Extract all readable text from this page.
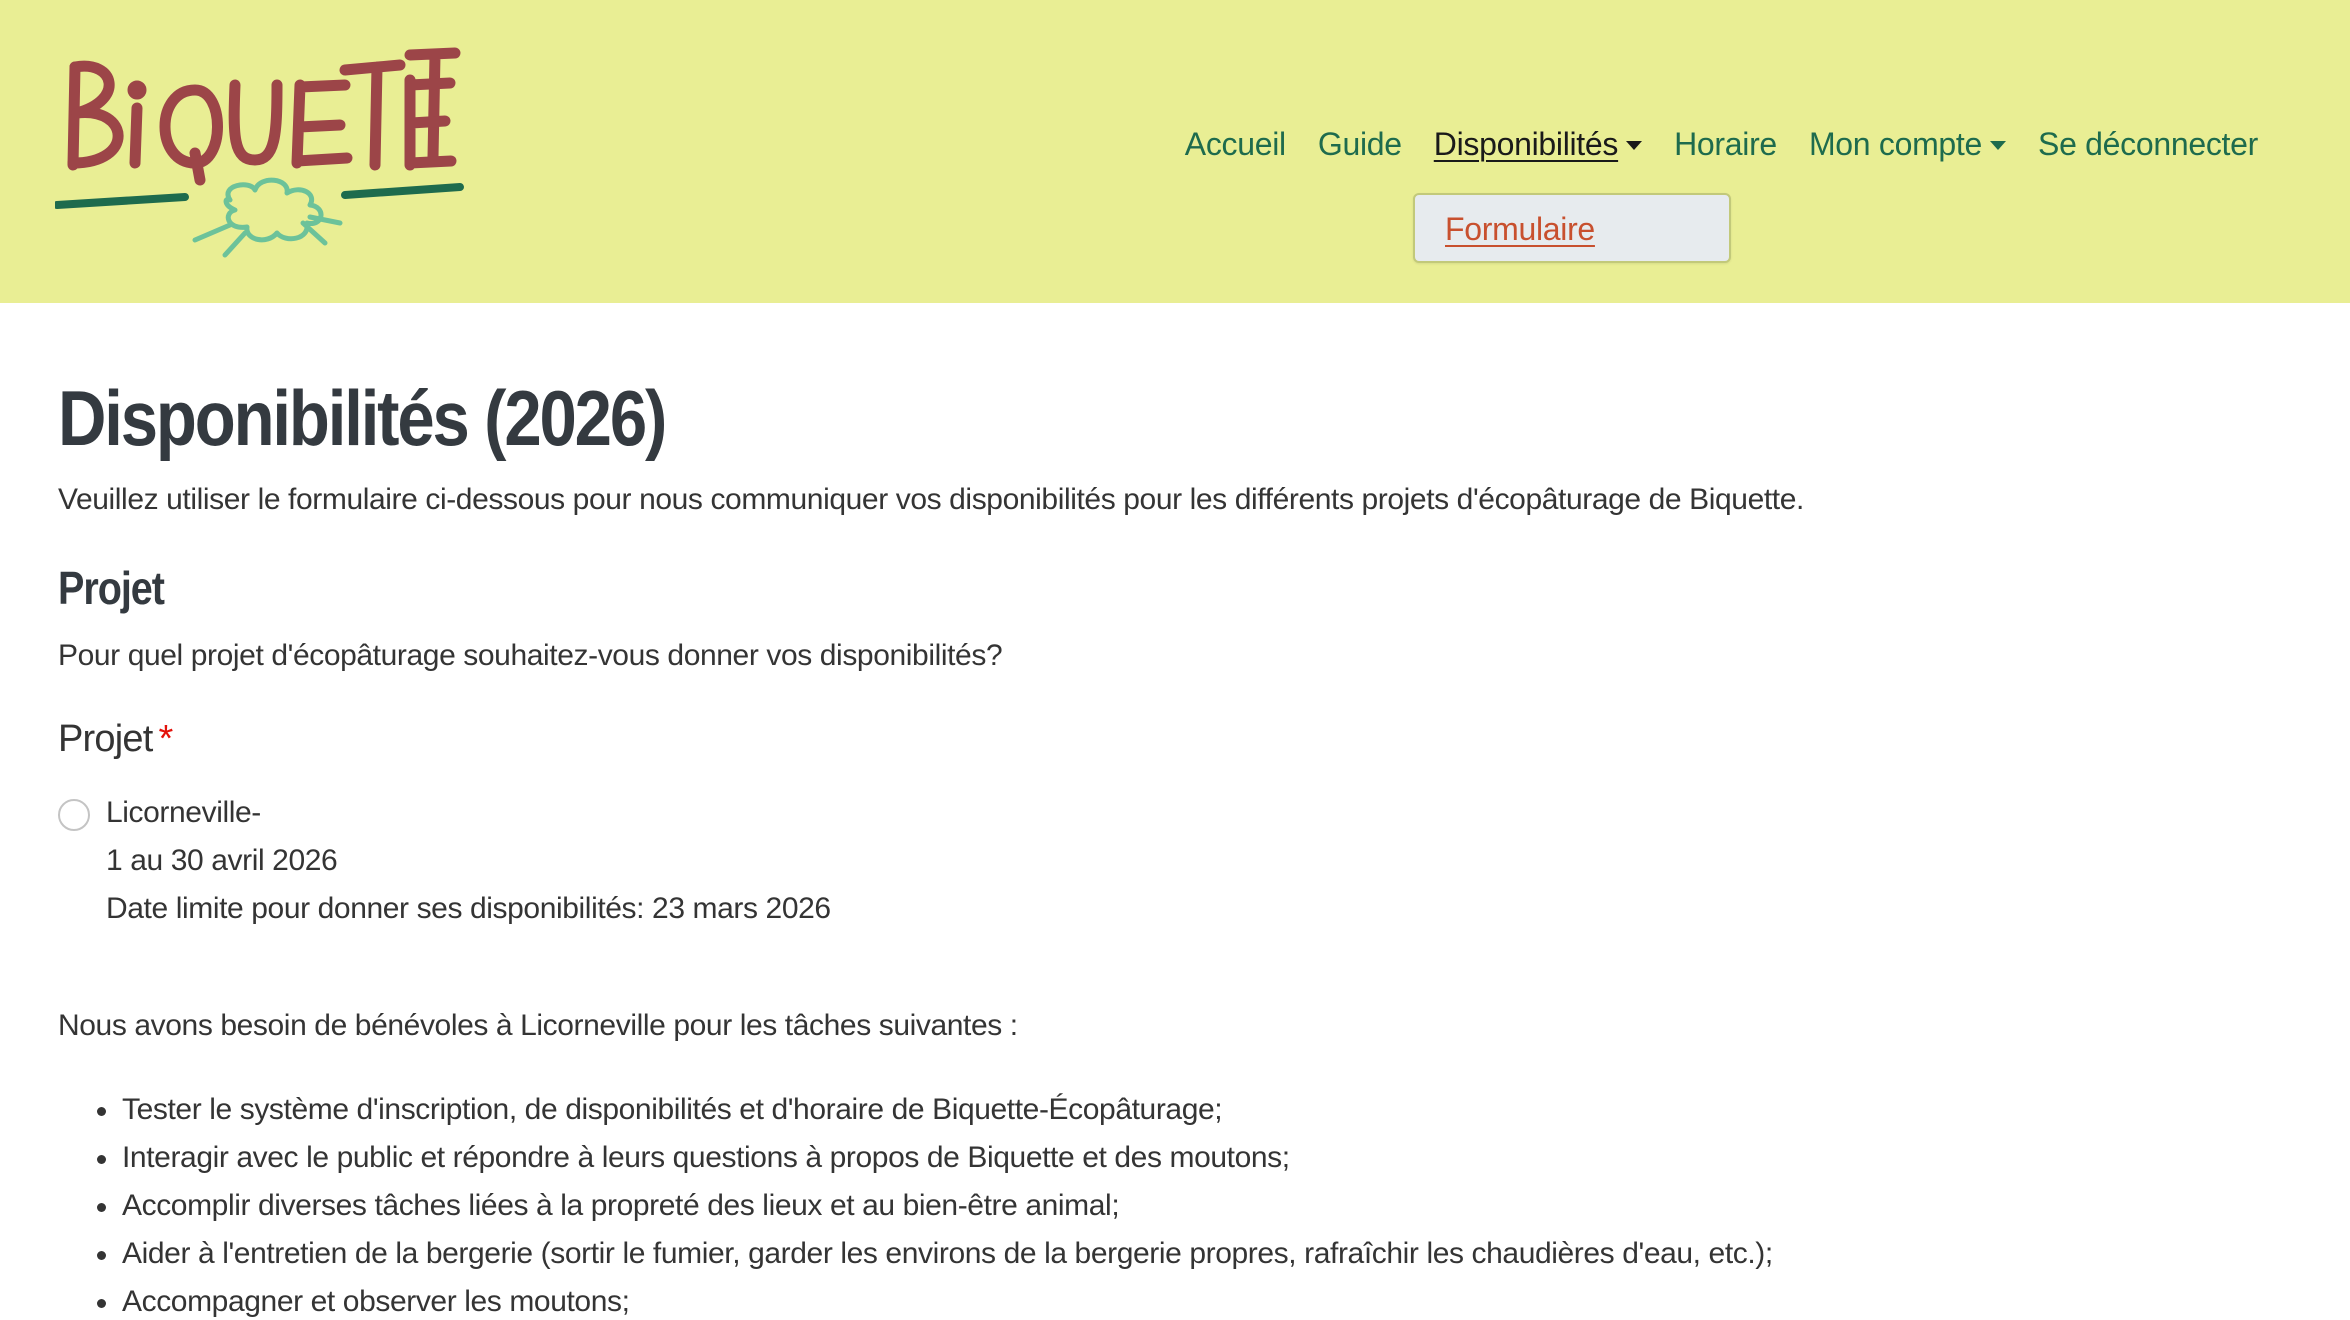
Accueil Guide Disponibilités Horaire Mon compte Se déconnecter
Formulaire
Disponibilités (2026)

Veuillez utiliser le formulaire ci-dessous pour nous communiquer vos disponibilités pour les différents projets d'écopâturage de Biquette.

Projet

Pour quel projet d'écopâturage souhaitez-vous donner vos disponibilités?

Projet *
Licorneville-
1 au 30 avril 2026
Date limite pour donner ses disponibilités: 23 mars 2026

Nous avons besoin de bénévoles à Licorneville pour les tâches suivantes :

Tester le système d'inscription, de disponibilités et d'horaire de Biquette-Écopâturage;
Interagir avec le public et répondre à leurs questions à propos de Biquette et des moutons;
Accomplir diverses tâches liées à la propreté des lieux et au bien-être animal;
Aider à l'entretien de la bergerie (sortir le fumier, garder les environs de la bergerie propres, rafraîchir les chaudières d'eau, etc.);
Accompagner et observer les moutons;
